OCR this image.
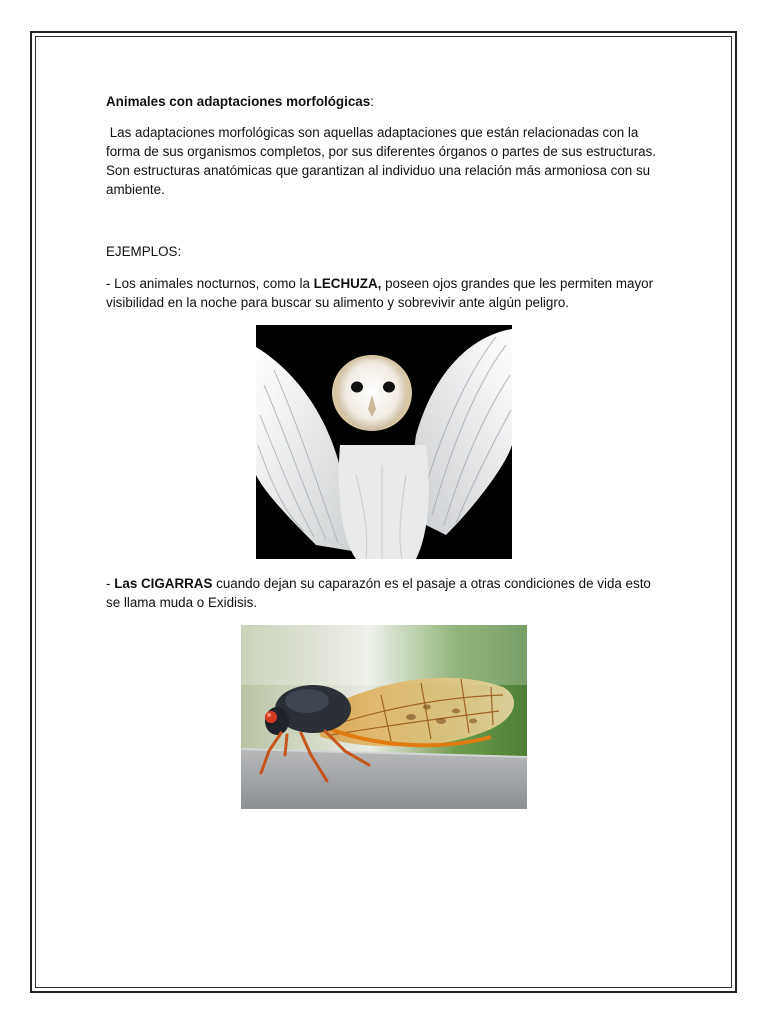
Animales con adaptaciones morfológicas:

Las adaptaciones morfológicas son aquellas adaptaciones que están relacionadas con la forma de sus organismos completos, por sus diferentes órganos o partes de sus estructuras. Son estructuras anatómicas que garantizan al individuo una relación más armoniosa con su ambiente.

EJEMPLOS:

- Los animales nocturnos, como la LECHUZA, poseen ojos grandes que les permiten mayor visibilidad en la noche para buscar su alimento y sobrevivir ante algún peligro.

- Las CIGARRAS cuando dejan su caparazón es el pasaje a otras condiciones de vida esto se llama muda o Exidisis.
